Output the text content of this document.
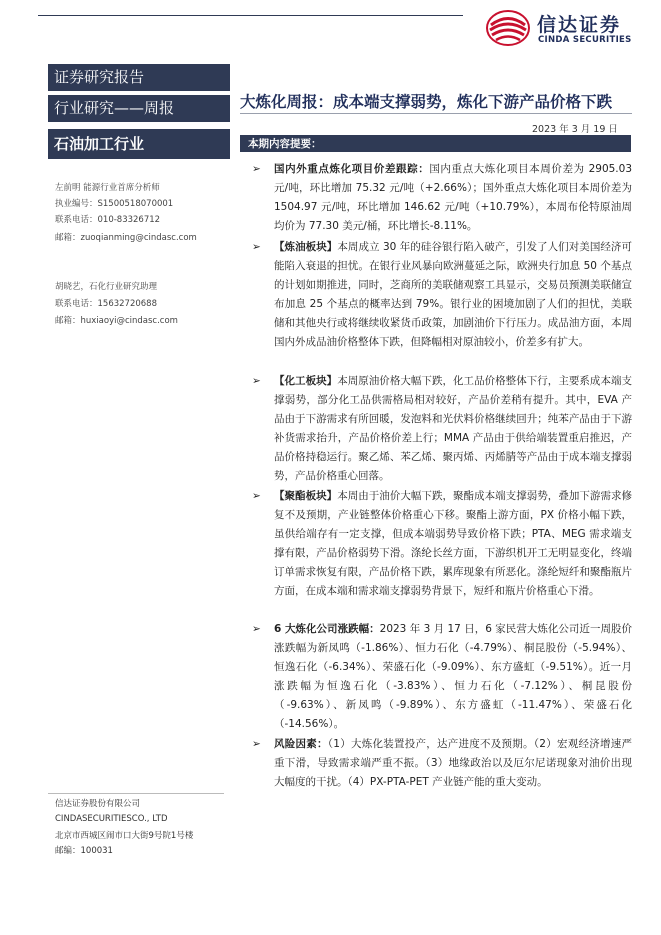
信达证券
CINDA SECURITIES
证券研究报告
行业研究——周报
石油加工行业
左前明 能源行业首席分析师
执业编号：S1500518070001
联系电话：010-83326712
邮箱：zuoqianming@cindasc.com
胡晓艺，石化行业研究助理
联系电话：15632720688
邮箱：huxiaoyi@cindasc.com
信达证券股份有限公司
CINDASECURITIESCO., LTD
北京市西城区闹市口大街9号院1号楼
邮编：100031
大炼化周报：成本端支撑弱势，炼化下游产品价格下跌
2023 年 3 月 19 日
本期内容提要：
➢ 国内外重点炼化项目价差跟踪：国内重点大炼化项目本周价差为 2905.03 元/吨，环比增加 75.32 元/吨（+2.66%）；国外重点大炼化项目本周价差为 1504.97 元/吨，环比增加 146.62 元/吨（+10.79%），本周布伦特原油周均价为 77.30 美元/桶，环比增长-8.11%。
➢ 【炼油板块】本周成立 30 年的硅谷银行陷入破产，引发了人们对美国经济可能陷入衰退的担忧。在银行业风暴向欧洲蔓延之际，欧洲央行加息 50 个基点的计划如期推进，同时，芝商所的美联储观察工具显示，交易员预测美联储宣布加息 25 个基点的概率达到 79%。银行业的困境加剧了人们的担忧，美联储和其他央行或将继续收紧货币政策，加剧油价下行压力。成品油方面，本周国内外成品油价格整体下跌，但降幅相对原油较小，价差多有扩大。
➢ 【化工板块】本周原油价格大幅下跌，化工品价格整体下行，主要系成本端支撑弱势，部分化工品供需格局相对较好，产品价差稍有提升。其中，EVA 产品由于下游需求有所回暖，发泡料和光伏料价格继续回升；纯苯产品由于下游补货需求抬升，产品价格价差上行；MMA 产品由于供给端装置重启推迟，产品价格持稳运行。聚乙烯、苯乙烯、聚丙烯、丙烯腈等产品由于成本端支撑弱势，产品价格重心回落。
➢ 【聚酯板块】本周由于油价大幅下跌，聚酯成本端支撑弱势，叠加下游需求修复不及预期，产业链整体价格重心下移。聚酯上游方面，PX 价格小幅下跌，虽供给端存有一定支撑，但成本端弱势导致价格下跌；PTA、MEG 需求端支撑有限，产品价格弱势下滑。涤纶长丝方面，下游织机开工无明显变化，终端订单需求恢复有限，产品价格下跌，累库现象有所恶化。涤纶短纤和聚酯瓶片方面，在成本端和需求端支撑弱势背景下，短纤和瓶片价格重心下滑。
➢ 6 大炼化公司涨跌幅：2023 年 3 月 17 日，6 家民营大炼化公司近一周股价涨跌幅为新凤鸣（-1.86%）、恒力石化（-4.79%）、桐昆股份（-5.94%）、恒逸石化（-6.34%）、荣盛石化（-9.09%）、东方盛虹（-9.51%）。近一月涨跌幅为恒逸石化（-3.83%）、恒力石化（-7.12%）、桐昆股份（-9.63%）、新凤鸣（-9.89%）、东方盛虹（-11.47%）、荣盛石化（-14.56%）。
➢ 风险因素：（1）大炼化装置投产，达产进度不及预期。（2）宏观经济增速严重下滑，导致需求端严重不振。（3）地缘政治以及厄尔尼诺现象对油价出现大幅度的干扰。（4）PX-PTA-PET 产业链产能的重大变动。
